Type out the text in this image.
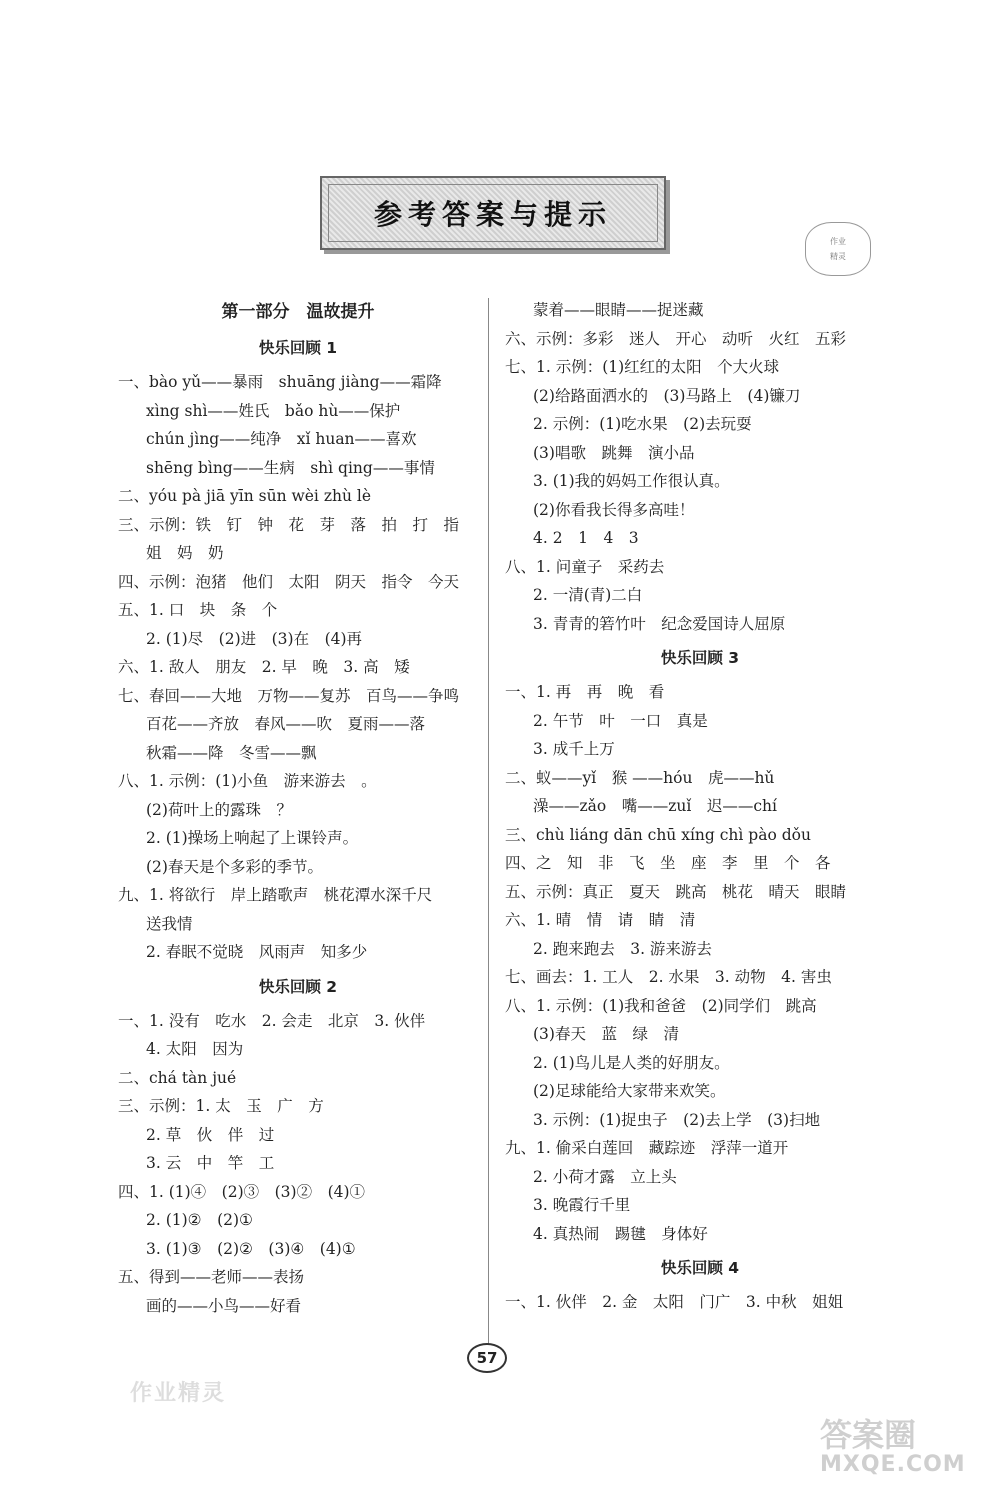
参考答案与提示
作业
精灵
第一部分　温故提升
快乐回顾 1
一、bào yǔ——暴雨　shuāng jiàng——霜降
xìng shì——姓氏　bǎo hù——保护
chún jìng——纯净　xǐ huan——喜欢
shēng bìng——生病　shì qing——事情
二、yóu pà jiā yīn sūn wèi zhù lè
三、示例：铁　钉　钟　花　芽　落　拍　打　指
姐　妈　奶
四、示例：泡猪　他们　太阳　阴天　指令　今天
五、1. 口　块　条　个
2. (1)尽　(2)进　(3)在　(4)再
六、1. 敌人　朋友　2. 早　晚　3. 高　矮
七、春回——大地　万物——复苏　百鸟——争鸣
百花——齐放　春风——吹　夏雨——落
秋霜——降　冬雪——飘
八、1. 示例：(1)小鱼　游来游去　。
(2)荷叶上的露珠　？
2. (1)操场上响起了上课铃声。
(2)春天是个多彩的季节。
九、1. 将欲行　岸上踏歌声　桃花潭水深千尺
送我情
2. 春眠不觉晓　风雨声　知多少
快乐回顾 2
一、1. 没有　吃水　2. 会走　北京　3. 伙伴
4. 太阳　因为
二、chá tàn jué
三、示例：1. 太　玉　广　方
2. 草　伙　伴　过
3. 云　中　竿　工
四、1. (1)④　(2)③　(3)②　(4)①
2. (1)②　(2)①
3. (1)③　(2)②　(3)④　(4)①
五、得到——老师——表扬
画的——小鸟——好看
蒙着——眼睛——捉迷藏
六、示例：多彩　迷人　开心　动听　火红　五彩
七、1. 示例：(1)红红的太阳　个大火球
(2)给路面洒水的　(3)马路上　(4)镰刀
2. 示例：(1)吃水果　(2)去玩耍
(3)唱歌　跳舞　演小品
3. (1)我的妈妈工作很认真。
(2)你看我长得多高哇！
4. 2　1　4　3
八、1. 问童子　采药去
2. 一清(青)二白
3. 青青的箬竹叶　纪念爱国诗人屈原
快乐回顾 3
一、1. 再　再　晚　看
2. 午节　叶　一口　真是
3. 成千上万
二、蚁——yǐ　猴 ——hóu　虎——hǔ
澡——zǎo　嘴——zuǐ　迟——chí
三、chù liáng dān chū xíng chì pào dǒu
四、之　知　非　飞　坐　座　李　里　个　各
五、示例：真正　夏天　跳高　桃花　晴天　眼睛
六、1. 晴　情　请　睛　清
2. 跑来跑去　3. 游来游去
七、画去：1. 工人　2. 水果　3. 动物　4. 害虫
八、1. 示例：(1)我和爸爸　(2)同学们　跳高
(3)春天　蓝　绿　清
2. (1)鸟儿是人类的好朋友。
(2)足球能给大家带来欢笑。
3. 示例：(1)捉虫子　(2)去上学　(3)扫地
九、1. 偷采白莲回　藏踪迹　浮萍一道开
2. 小荷才露　立上头
3. 晚霞行千里
4. 真热闹　踢毽　身体好
快乐回顾 4
一、1. 伙伴　2. 金　太阳　门广　3. 中秋　姐姐
57
作业精灵
答案圈
MXQE.COM
